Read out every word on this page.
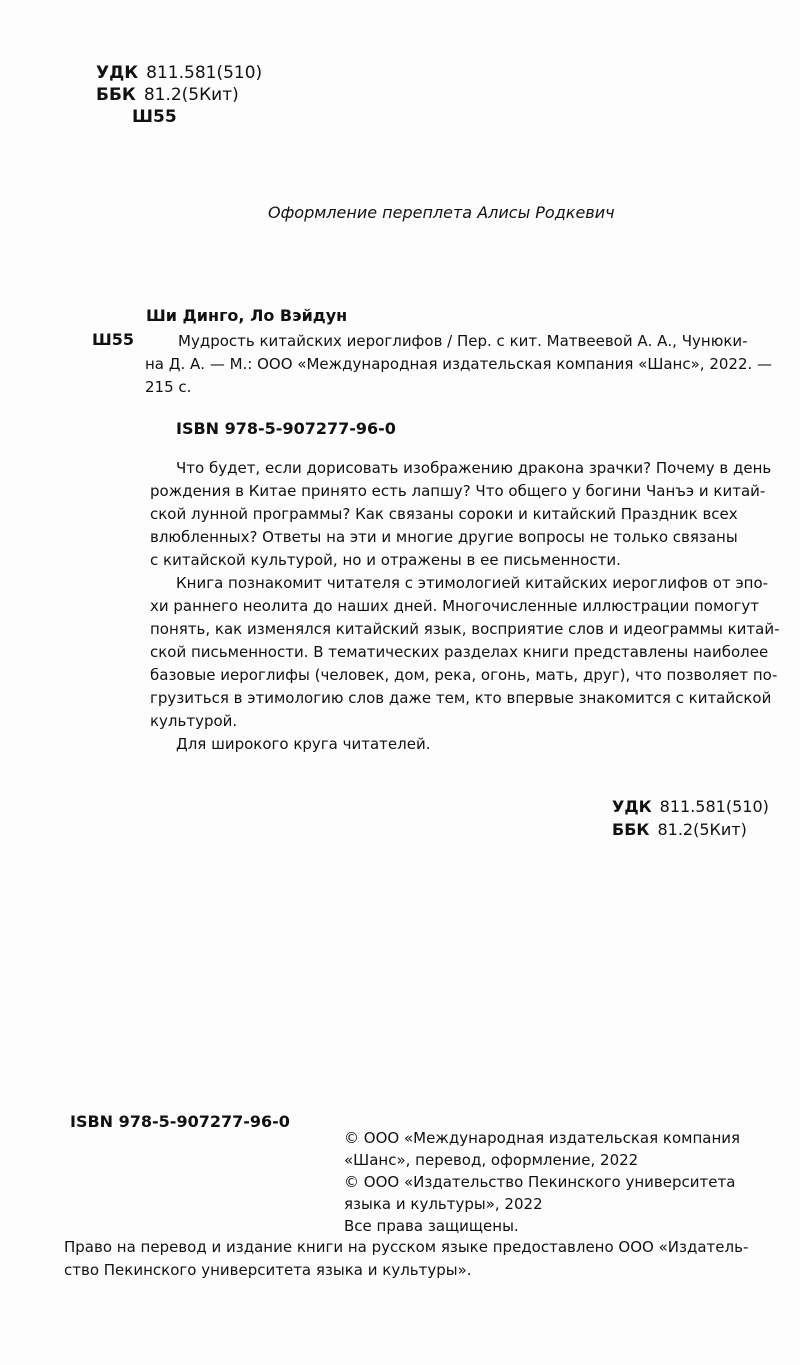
УДК 811.581(510)
ББК 81.2(5Кит)
Ш55
Оформление переплета Алисы Родкевич
Ши Динго, Ло Вэйдун
Ш55	Мудрость китайских иероглифов / Пер. с кит. Матвеевой А. А., Чунюки-
на Д. А. — М.: ООО «Международная издательская компания «Шанс», 2022. —
215 с.
ISBN 978-5-907277-96-0

Что будет, если дорисовать изображению дракона зрачки? Почему в день
рождения в Китае принято есть лапшу? Что общего у богини Чанъэ и китай-
ской лунной программы? Как связаны сороки и китайский Праздник всех
влюбленных? Ответы на эти и многие другие вопросы не только связаны
с китайской культурой, но и отражены в ее письменности.

Книга познакомит читателя с этимологией китайских иероглифов от эпо-
хи раннего неолита до наших дней. Многочисленные иллюстрации помогут
понять, как изменялся китайский язык, восприятие слов и идеограммы китай-
ской письменности. В тематических разделах книги представлены наиболее
базовые иероглифы (человек, дом, река, огонь, мать, друг), что позволяет по-
грузиться в этимологию слов даже тем, кто впервые знакомится с китайской
культурой.

Для широкого круга читателей.

УДК 811.581(510)
ББК 81.2(5Кит)
ISBN 978-5-907277-96-0
© ООО «Международная издательская компания
«Шанс», перевод, оформление, 2022
© ООО «Издательство Пекинского университета
языка и культуры», 2022
Все права защищены.
Право на перевод и издание книги на русском языке предоставлено ООО «Издатель-
ство Пекинского университета языка и культуры».
